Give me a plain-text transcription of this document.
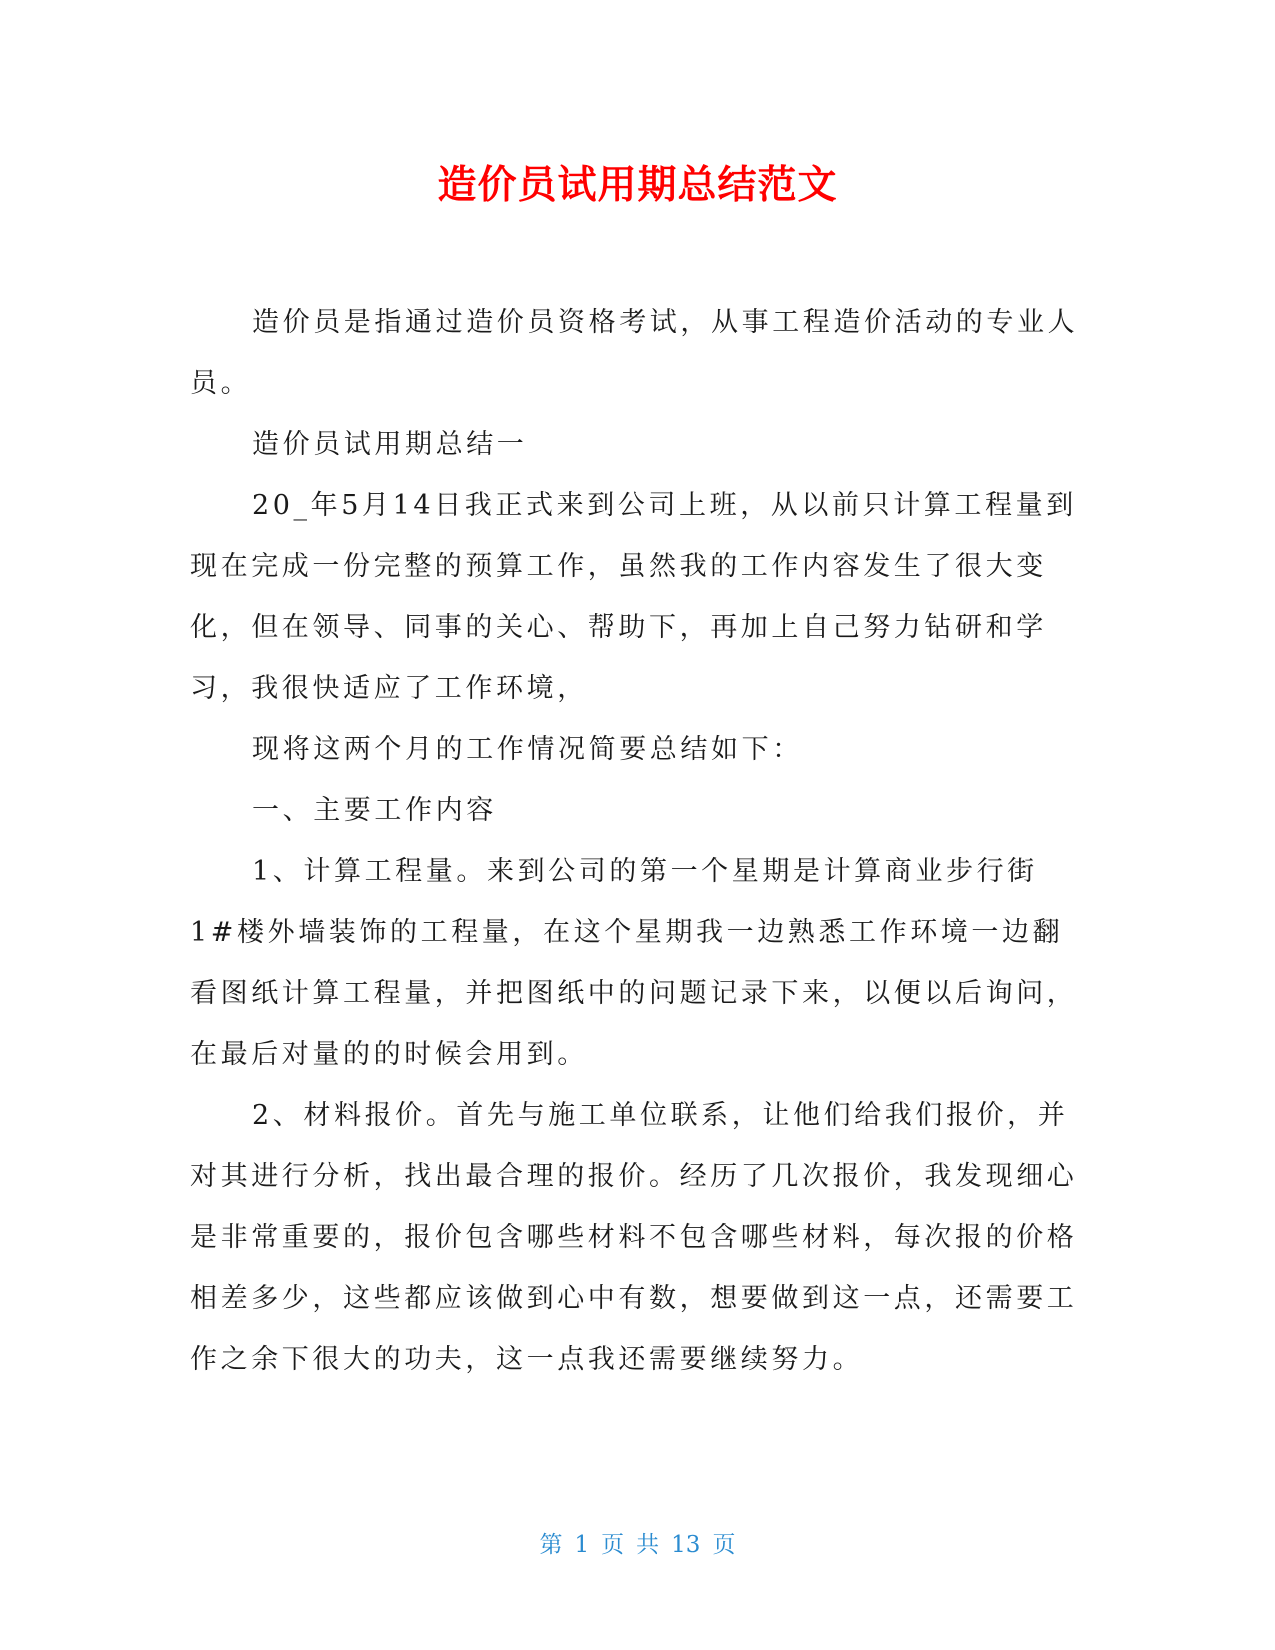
造价员试用期总结范文

造价员是指通过造价员资格考试，从事工程造价活动的专业人员。

造价员试用期总结一

20_年5月14日我正式来到公司上班，从以前只计算工程量到现在完成一份完整的预算工作，虽然我的工作内容发生了很大变化，但在领导、同事的关心、帮助下，再加上自己努力钻研和学习，我很快适应了工作环境，

现将这两个月的工作情况简要总结如下：

一、主要工作内容

1、计算工程量。来到公司的第一个星期是计算商业步行街1#楼外墙装饰的工程量，在这个星期我一边熟悉工作环境一边翻看图纸计算工程量，并把图纸中的问题记录下来，以便以后询问，在最后对量的的时候会用到。

2、材料报价。首先与施工单位联系，让他们给我们报价，并对其进行分析，找出最合理的报价。经历了几次报价，我发现细心是非常重要的，报价包含哪些材料不包含哪些材料，每次报的价格相差多少，这些都应该做到心中有数，想要做到这一点，还需要工作之余下很大的功夫，这一点我还需要继续努力。

第 1 页 共 13 页
